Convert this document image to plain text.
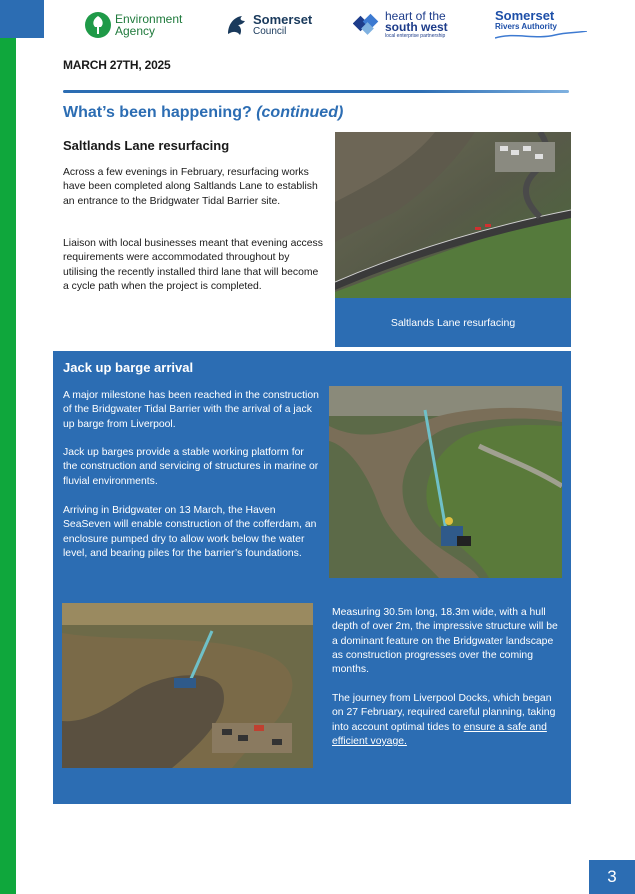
Environment
Agency
Somerset
Council
heart of the
south west
local enterprise partnership
Somerset
Rivers Authority
MARCH 27TH, 2025
What’s been happening? (continued)
Saltlands Lane resurfacing
Across a few evenings in February, resurfacing works have been completed along Saltlands Lane to establish an entrance to the Bridgwater Tidal Barrier site.
Liaison with local businesses meant that evening access requirements were accommodated throughout by utilising the recently installed third lane that will become a cycle path when the project is completed.
Saltlands Lane resurfacing
Jack up barge arrival
A major milestone has been reached in the construction of the Bridgwater Tidal Barrier with the arrival of a jack up barge from Liverpool.
Jack up barges provide a stable working platform for the construction and servicing of structures in marine or fluvial environments.
Arriving in Bridgwater on 13 March, the Haven SeaSeven will enable construction of the cofferdam, an enclosure pumped dry to allow work below the water level, and bearing piles for the barrier’s foundations.
Measuring 30.5m long, 18.3m wide, with a hull depth of over 2m, the impressive structure will be a dominant feature on the Bridgwater landscape as construction progresses over the coming months.
The journey from Liverpool Docks, which began on 27 February, required careful planning, taking into account optimal tides to ensure a safe and efficient voyage.
3
